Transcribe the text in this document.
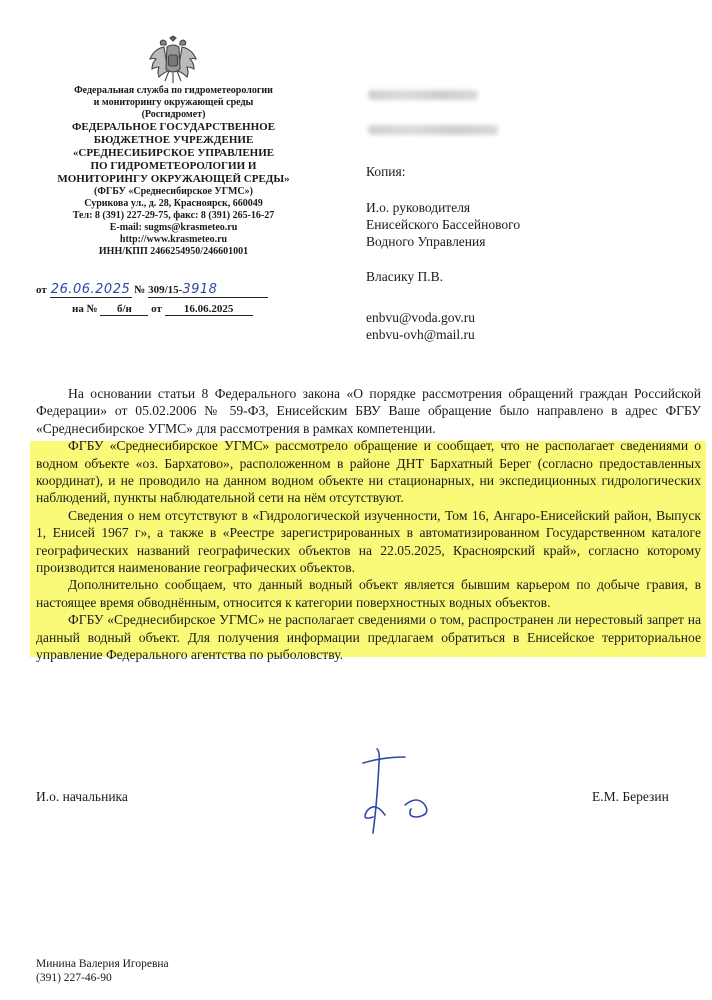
Федеральная служба по гидрометеорологии
и мониторингу окружающей среды
(Росгидромет)
ФЕДЕРАЛЬНОЕ ГОСУДАРСТВЕННОЕ
БЮДЖЕТНОЕ УЧРЕЖДЕНИЕ
«СРЕДНЕСИБИРСКОЕ УПРАВЛЕНИЕ
ПО ГИДРОМЕТЕОРОЛОГИИ И
МОНИТОРИНГУ ОКРУЖАЮЩЕЙ СРЕДЫ»
(ФГБУ «Среднесибирское УГМС»)
Сурикова ул., д. 28, Красноярск, 660049
Тел: 8 (391) 227-29-75, факс: 8 (391) 265-16-27
E-mail: sugms@krasmeteo.ru
http://www.krasmeteo.ru
ИНН/КПП 2466254950/246601001
от 26.06.2025 № 309/15-3918
на № б/н от 16.06.2025
Копия:
И.о. руководителя
Енисейского Бассейнового
Водного Управления
Власику П.В.
enbvu@voda.gov.ru
enbvu-ovh@mail.ru

На основании статьи 8 Федерального закона «О порядке рассмотрения обращений граждан Российской Федерации» от 05.02.2006 № 59-ФЗ, Енисейским БВУ Ваше обращение было направлено в адрес ФГБУ «Среднесибирское УГМС» для рассмотрения в рамках компетенции.

ФГБУ «Среднесибирское УГМС» рассмотрело обращение и сообщает, что не располагает сведениями о водном объекте «оз. Бархатово», расположенном в районе ДНТ Бархатный Берег (согласно предоставленных координат), и не проводило на данном водном объекте ни стационарных, ни экспедиционных гидрологических наблюдений, пункты наблюдательной сети на нём отсутствуют.

Сведения о нем отсутствуют в «Гидрологической изученности, Том 16, Ангаро-Енисейский район, Выпуск 1, Енисей 1967 г», а также в «Реестре зарегистрированных в автоматизированном Государственном каталоге географических названий географических объектов на 22.05.2025, Красноярский край», согласно которому производится наименование географических объектов.

Дополнительно сообщаем, что данный водный объект является бывшим карьером по добыче гравия, в настоящее время обводнённым, относится к категории поверхностных водных объектов.

ФГБУ «Среднесибирское УГМС» не располагает сведениями о том, распространен ли нерестовый запрет на данный водный объект. Для получения информации предлагаем обратиться в Енисейское территориальное управление Федерального агентства по рыболовству.

И.о. начальника	Е.М. Березин
Минина Валерия Игоревна
(391) 227-46-90
